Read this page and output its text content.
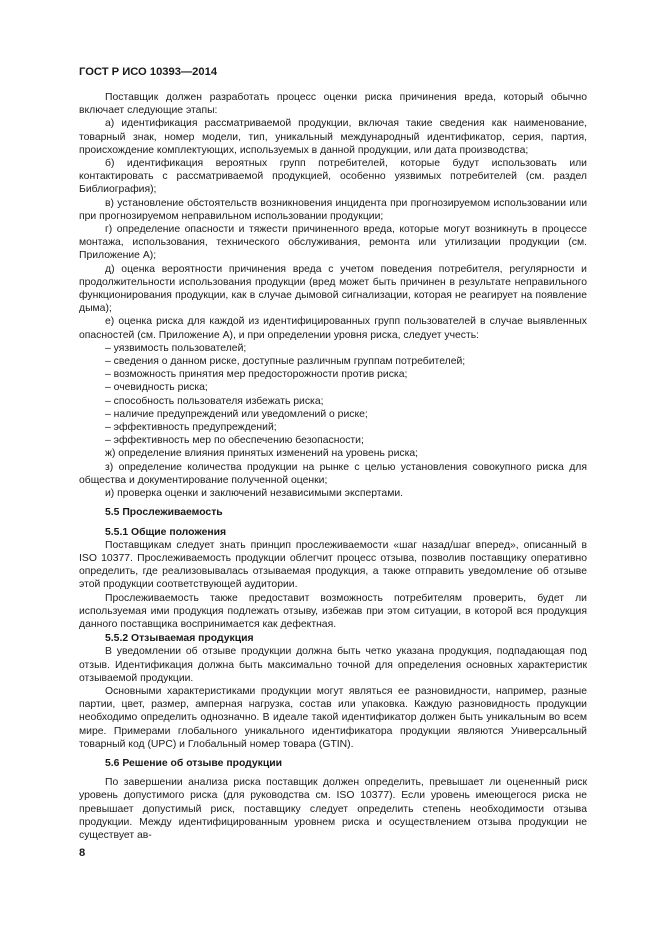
ГОСТ Р ИСО 10393—2014

Поставщик должен разработать процесс оценки риска причинения вреда, который обычно включает следующие этапы:

а) идентификация рассматриваемой продукции, включая такие сведения как наименование, товарный знак, номер модели, тип, уникальный международный идентификатор, серия, партия, происхождение комплектующих, используемых в данной продукции, или дата производства;

б) идентификация вероятных групп потребителей, которые будут использовать или контактировать с рассматриваемой продукцией, особенно уязвимых потребителей (см. раздел Библиография);

в) установление обстоятельств возникновения инцидента при прогнозируемом использовании или при прогнозируемом неправильном использовании продукции;

г) определение опасности и тяжести причиненного вреда, которые могут возникнуть в процессе монтажа, использования, технического обслуживания, ремонта или утилизации продукции (см. Приложение А);

д) оценка вероятности причинения вреда с учетом поведения потребителя, регулярности и продолжительности использования продукции (вред может быть причинен в результате неправильного функционирования продукции, как в случае дымовой сигнализации, которая не реагирует на появление дыма);

е) оценка риска для каждой из идентифицированных групп пользователей в случае выявленных опасностей (см. Приложение А), и при определении уровня риска, следует учесть:

– уязвимость пользователей;

– сведения о данном риске, доступные различным группам потребителей;

– возможность принятия мер предосторожности против риска;

– очевидность риска;

– способность пользователя избежать риска;

– наличие предупреждений или уведомлений о риске;

– эффективность предупреждений;

– эффективность мер по обеспечению безопасности;

ж) определение влияния принятых изменений на уровень риска;

з) определение количества продукции на рынке с целью установления совокупного риска для общества и документирование полученной оценки;

и) проверка оценки и заключений независимыми экспертами.

5.5 Прослеживаемость
5.5.1 Общие положения

Поставщикам следует знать принцип прослеживаемости «шаг назад/шаг вперед», описанный в ISO 10377. Прослеживаемость продукции облегчит процесс отзыва, позволив поставщику оперативно определить, где реализовывалась отзываемая продукция, а также отправить уведомление об отзыве этой продукции соответствующей аудитории.

Прослеживаемость также предоставит возможность потребителям проверить, будет ли используемая ими продукция подлежать отзыву, избежав при этом ситуации, в которой вся продукция данного поставщика воспринимается как дефектная.

5.5.2 Отзываемая продукция

В уведомлении об отзыве продукции должна быть четко указана продукция, подпадающая под отзыв. Идентификация должна быть максимально точной для определения основных характеристик отзываемой продукции.

Основными характеристиками продукции могут являться ее разновидности, например, разные партии, цвет, размер, амперная нагрузка, состав или упаковка. Каждую разновидность продукции необходимо определить однозначно. В идеале такой идентификатор должен быть уникальным во всем мире. Примерами глобального уникального идентификатора продукции являются Универсальный товарный код (UPC) и Глобальный номер товара (GTIN).

5.6 Решение об отзыве продукции

По завершении анализа риска поставщик должен определить, превышает ли оцененный риск уровень допустимого риска (для руководства см. ISO 10377). Если уровень имеющегося риска не превышает допустимый риск, поставщику следует определить степень необходимости отзыва продукции. Между идентифицированным уровнем риска и осуществлением отзыва продукции не существует ав-

8
